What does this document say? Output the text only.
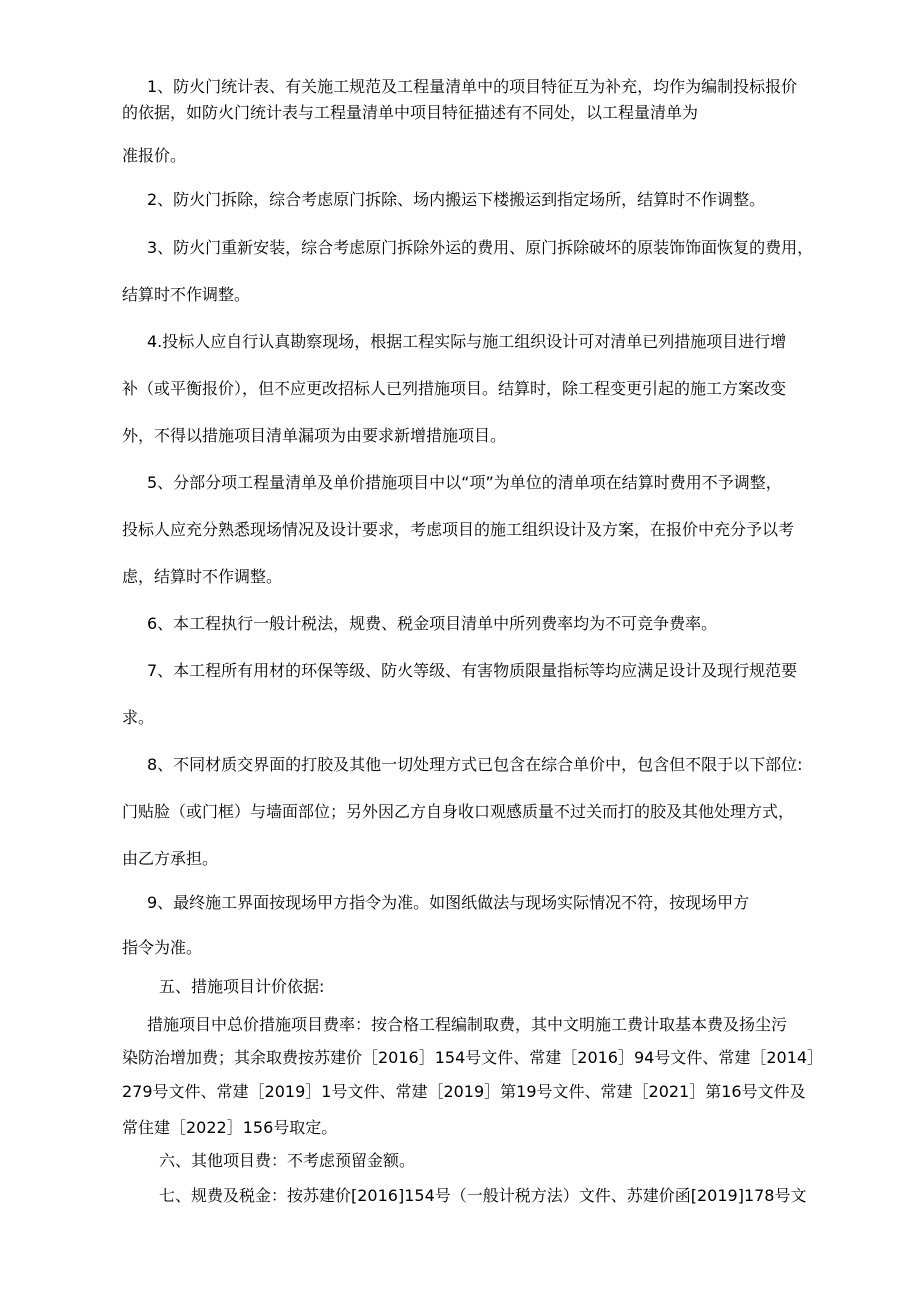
1、防火门统计表、有关施工规范及工程量清单中的项目特征互为补充，均作为编制投标报价

的依据，如防火门统计表与工程量清单中项目特征描述有不同处，以工程量清单为

准报价。

2、防火门拆除，综合考虑原门拆除、场内搬运下楼搬运到指定场所，结算时不作调整。

3、防火门重新安装，综合考虑原门拆除外运的费用、原门拆除破坏的原装饰饰面恢复的费用，

结算时不作调整。

4.投标人应自行认真勘察现场，根据工程实际与施工组织设计可对清单已列措施项目进行增

补（或平衡报价），但不应更改招标人已列措施项目。结算时，除工程变更引起的施工方案改变

外，不得以措施项目清单漏项为由要求新增措施项目。

5、分部分项工程量清单及单价措施项目中以“项”为单位的清单项在结算时费用不予调整，

投标人应充分熟悉现场情况及设计要求，考虑项目的施工组织设计及方案，在报价中充分予以考

虑，结算时不作调整。

6、本工程执行一般计税法，规费、税金项目清单中所列费率均为不可竞争费率。

7、本工程所有用材的环保等级、防火等级、有害物质限量指标等均应满足设计及现行规范要

求。

8、不同材质交界面的打胶及其他一切处理方式已包含在综合单价中，包含但不限于以下部位:

门贴脸（或门框）与墙面部位；另外因乙方自身收口观感质量不过关而打的胶及其他处理方式，

由乙方承担。

9、最终施工界面按现场甲方指令为准。如图纸做法与现场实际情况不符，按现场甲方

指令为准。

五、措施项目计价依据:

措施项目中总价措施项目费率：按合格工程编制取费，其中文明施工费计取基本费及扬尘污

染防治增加费；其余取费按苏建价［2016］154号文件、常建［2016］94号文件、常建［2014］

279号文件、常建［2019］1号文件、常建［2019］第19号文件、常建［2021］第16号文件及

常住建［2022］156号取定。

六、其他项目费：不考虑预留金额。

七、规费及税金：按苏建价[2016]154号（一般计税方法）文件、苏建价函[2019]178号文
